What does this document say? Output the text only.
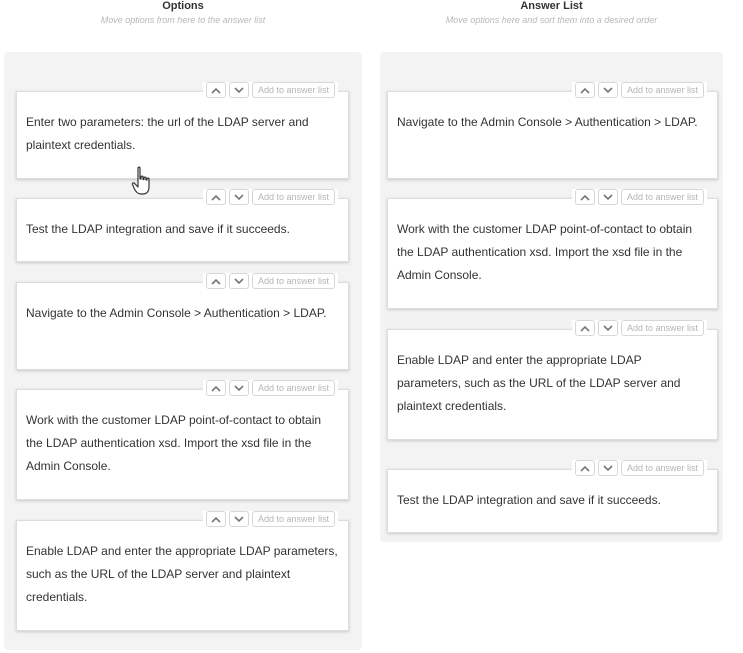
Options
Move options from here to the answer list
Answer List
Move options here and sort them into a desired order
Add to answer list
Enter two parameters: the url of the LDAP server and plaintext credentials.
Add to answer list
Test the LDAP integration and save if it succeeds.
Add to answer list
Navigate to the Admin Console > Authentication > LDAP.
Add to answer list
Work with the customer LDAP point-of-contact to obtain the LDAP authentication xsd. Import the xsd file in the Admin Console.
Add to answer list
Enable LDAP and enter the appropriate LDAP parameters, such as the URL of the LDAP server and plaintext credentials.
Add to answer list
Navigate to the Admin Console > Authentication > LDAP.
Add to answer list
Work with the customer LDAP point-of-contact to obtain the LDAP authentication xsd. Import the xsd file in the Admin Console.
Add to answer list
Enable LDAP and enter the appropriate LDAP parameters, such as the URL of the LDAP server and plaintext credentials.
Add to answer list
Test the LDAP integration and save if it succeeds.
